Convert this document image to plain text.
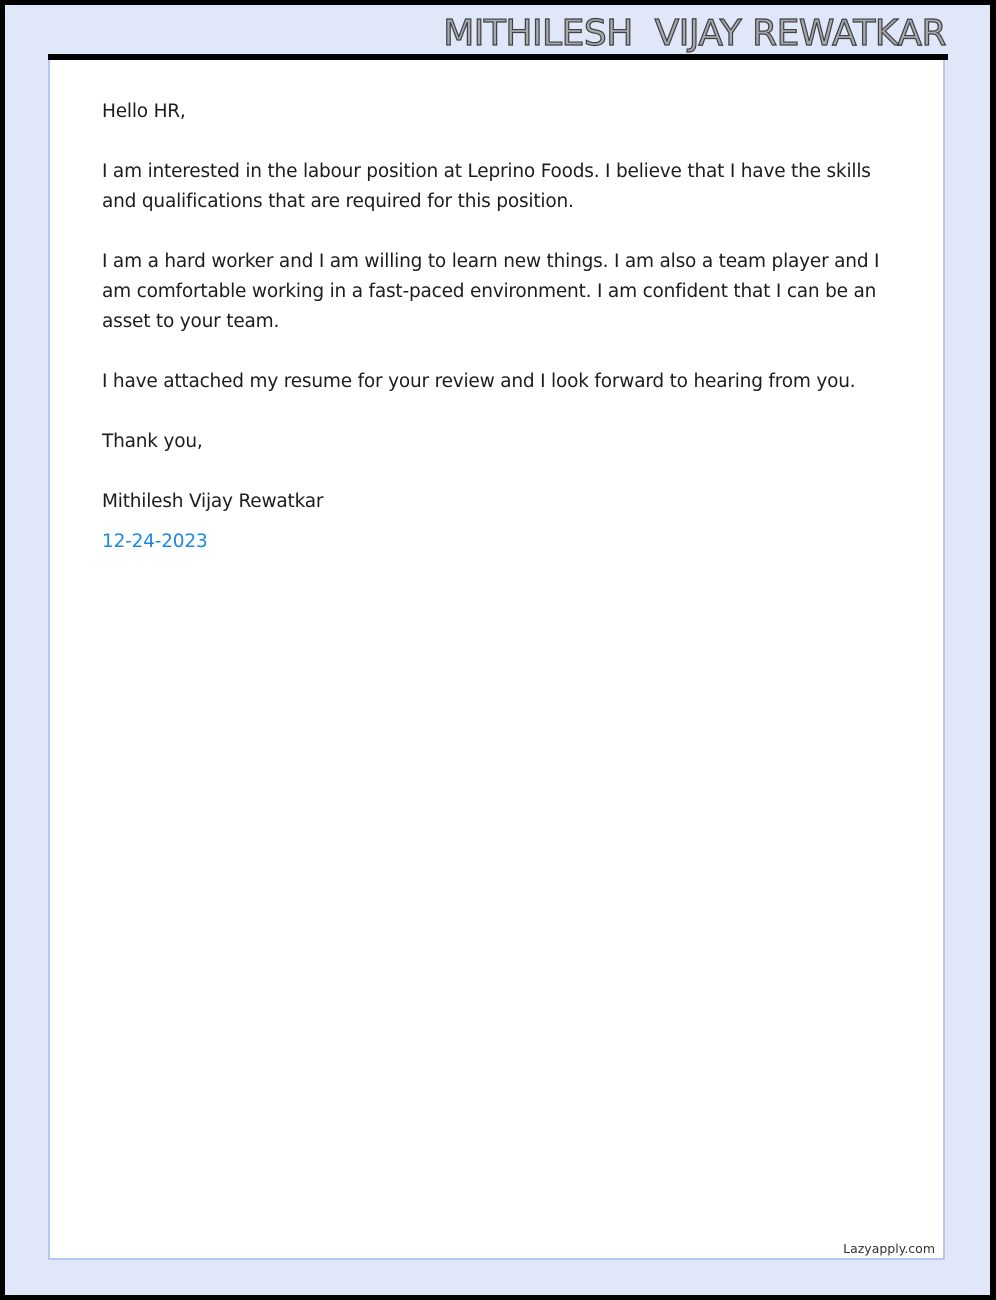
MITHILESH  VIJAY REWATKAR

Hello HR,

I am interested in the labour position at Leprino Foods. I believe that I have the skills and qualifications that are required for this position.

I am a hard worker and I am willing to learn new things. I am also a team player and I am comfortable working in a fast-paced environment. I am confident that I can be an asset to your team.

I have attached my resume for your review and I look forward to hearing from you.

Thank you,

Mithilesh Vijay Rewatkar

12-24-2023

Lazyapply.com
